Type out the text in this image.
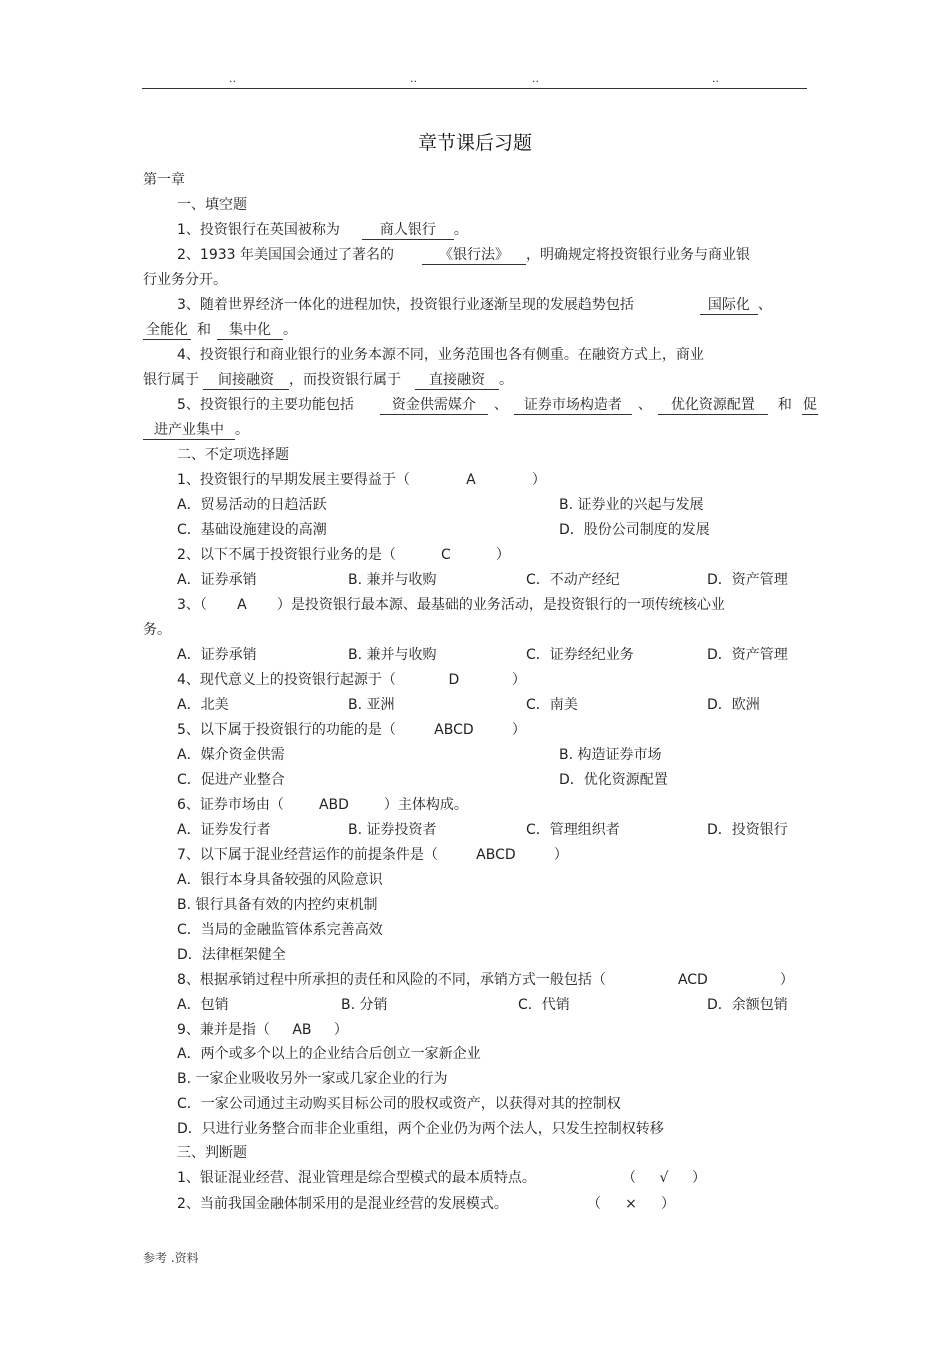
..	..	..	..
章节课后习题
第一章
一、填空题
1、投资银行在英国被称为	商人银行 。
2、1933 年美国国会通过了著名的	《银行法》 ，明确规定将投资银行业务与商业银
行业务分开。
3、随着世界经济一体化的进程加快，投资银行业逐渐呈现的发展趋势包括	国际化 、
全能化 和 集中化 。
4、投资银行和商业银行的业务本源不同，业务范围也各有侧重。在融资方式上，商业
银行属于 间接融资 ，而投资银行属于 直接融资 。
5、投资银行的主要功能包括	资金供需媒介 、 证券市场构造者 、 优化资源配置 和 促
进产业集中 。
二、不定项选择题
1、投资银行的早期发展主要得益于（	A	）
A．贸易活动的日趋活跃	B. 证券业的兴起与发展
C．基础设施建设的高潮	D．股份公司制度的发展
2、以下不属于投资银行业务的是（	C	）
A．证券承销	B. 兼并与收购	C．不动产经纪	D．资产管理
3、（ A ）是投资银行最本源、最基础的业务活动，是投资银行的一项传统核心业
务。
A．证券承销	B. 兼并与收购	C．证券经纪业务	D．资产管理
4、现代意义上的投资银行起源于（	D	）
A．北美	B. 亚洲	C．南美	D．欧洲
5、以下属于投资银行的功能的是（	ABCD	）
A．媒介资金供需	B. 构造证券市场
C．促进产业整合	D．优化资源配置
6、证券市场由（	ABD	）主体构成。
A．证券发行者	B. 证券投资者	C．管理组织者	D．投资银行
7、以下属于混业经营运作的前提条件是（	ABCD	）
A．银行本身具备较强的风险意识
B. 银行具备有效的内控约束机制
C．当局的金融监管体系完善高效
D．法律框架健全
8、根据承销过程中所承担的责任和风险的不同，承销方式一般包括（	ACD	）
A．包销	B. 分销	C．代销	D．余额包销
9、兼并是指（ AB ）
A．两个或多个以上的企业结合后创立一家新企业
B. 一家企业吸收另外一家或几家企业的行为
C．一家公司通过主动购买目标公司的股权或资产，以获得对其的控制权
D．只进行业务整合而非企业重组，两个企业仍为两个法人，只发生控制权转移
三、判断题
1、银证混业经营、混业管理是综合型模式的最本质特点。	（ √ ）
2、当前我国金融体制采用的是混业经营的发展模式。	（ × ）
参考 .资料
